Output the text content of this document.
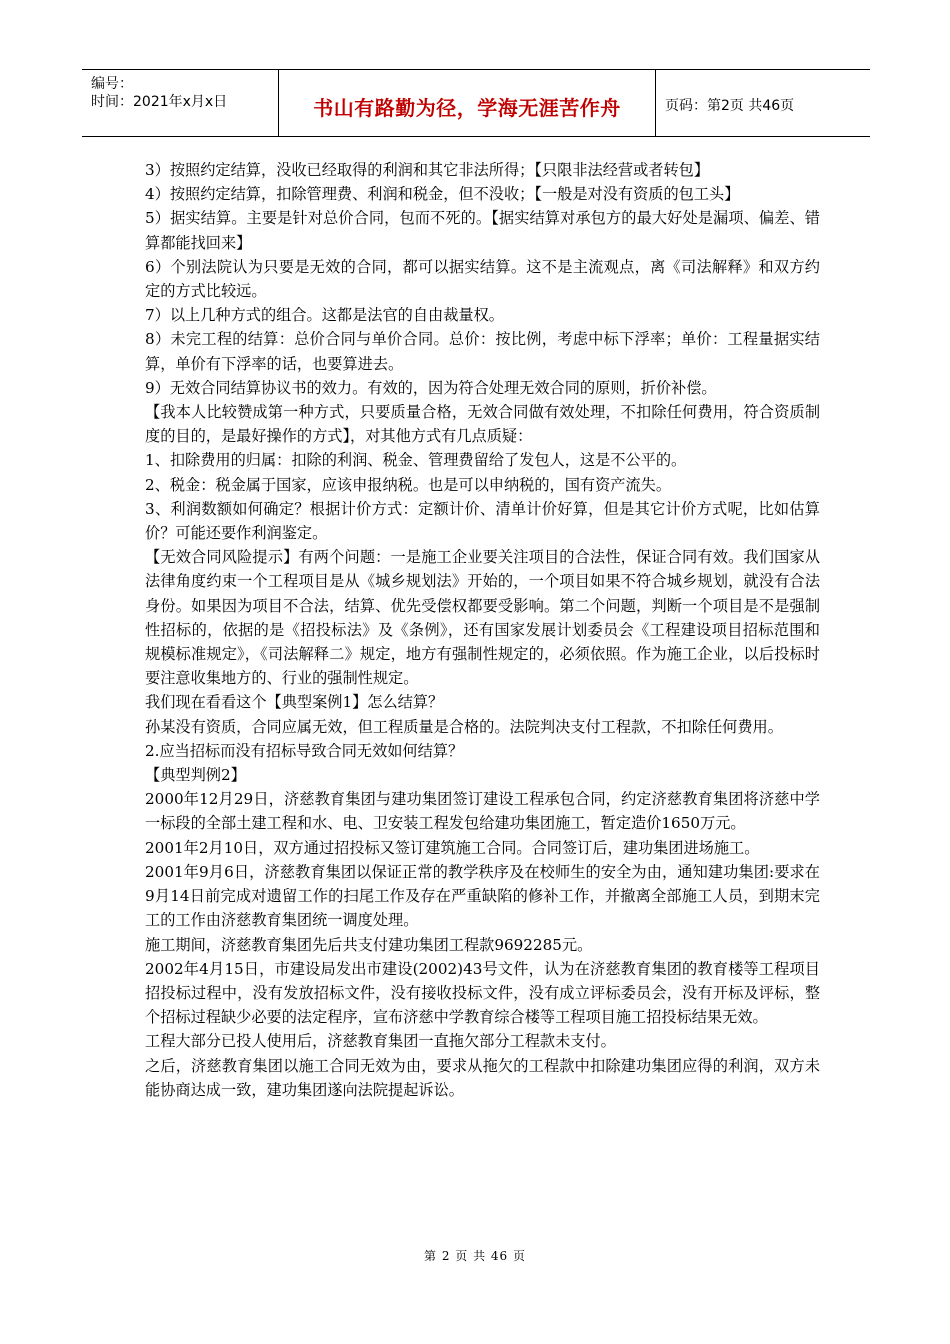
编号：
时间：2021年x月x日	书山有路勤为径，学海无涯苦作舟	页码：第2页 共46页

3）按照约定结算，没收已经取得的利润和其它非法所得；【只限非法经营或者转包】

4）按照约定结算，扣除管理费、利润和税金，但不没收；【一般是对没有资质的包工头】

5）据实结算。主要是针对总价合同，包而不死的。【据实结算对承包方的最大好处是漏项、偏差、错算都能找回来】

6）个别法院认为只要是无效的合同，都可以据实结算。这不是主流观点，离《司法解释》和双方约定的方式比较远。

7）以上几种方式的组合。这都是法官的自由裁量权。

8）未完工程的结算：总价合同与单价合同。总价：按比例，考虑中标下浮率；单价：工程量据实结算，单价有下浮率的话，也要算进去。

9）无效合同结算协议书的效力。有效的，因为符合处理无效合同的原则，折价补偿。

【我本人比较赞成第一种方式，只要质量合格，无效合同做有效处理，不扣除任何费用，符合资质制度的目的，是最好操作的方式】，对其他方式有几点质疑：

1、扣除费用的归属：扣除的利润、税金、管理费留给了发包人，这是不公平的。

2、税金：税金属于国家，应该申报纳税。也是可以申纳税的，国有资产流失。

3、利润数额如何确定？根据计价方式：定额计价、清单计价好算，但是其它计价方式呢，比如估算价？可能还要作利润鉴定。

【无效合同风险提示】有两个问题：一是施工企业要关注项目的合法性，保证合同有效。我们国家从法律角度约束一个工程项目是从《城乡规划法》开始的，一个项目如果不符合城乡规划，就没有合法身份。如果因为项目不合法，结算、优先受偿权都要受影响。第二个问题，判断一个项目是不是强制性招标的，依据的是《招投标法》及《条例》，还有国家发展计划委员会《工程建设项目招标范围和规模标准规定》，《司法解释二》规定，地方有强制性规定的，必须依照。作为施工企业，以后投标时要注意收集地方的、行业的强制性规定。

我们现在看看这个【典型案例1】怎么结算？

孙某没有资质，合同应属无效，但工程质量是合格的。法院判决支付工程款，不扣除任何费用。

2.应当招标而没有招标导致合同无效如何结算？

【典型判例2】

2000年12月29日，济慈教育集团与建功集团签订建设工程承包合同，约定济慈教育集团将济慈中学一标段的全部土建工程和水、电、卫安装工程发包给建功集团施工，暂定造价1650万元。

2001年2月10日，双方通过招投标又签订建筑施工合同。合同签订后，建功集团进场施工。

2001年9月6日，济慈教育集团以保证正常的教学秩序及在校师生的安全为由，通知建功集团:要求在9月14日前完成对遗留工作的扫尾工作及存在严重缺陷的修补工作，并撤离全部施工人员，到期末完工的工作由济慈教育集团统一调度处理。

施工期间，济慈教育集团先后共支付建功集团工程款9692285元。

2002年4月15日，市建设局发出市建设(2002)43号文件，认为在济慈教育集团的教育楼等工程项目招投标过程中，没有发放招标文件，没有接收投标文件，没有成立评标委员会，没有开标及评标，整个招标过程缺少必要的法定程序，宣布济慈中学教育综合楼等工程项目施工招投标结果无效。

工程大部分已投人使用后，济慈教育集团一直拖欠部分工程款未支付。

之后，济慈教育集团以施工合同无效为由，要求从拖欠的工程款中扣除建功集团应得的利润，双方未能协商达成一致，建功集团遂向法院提起诉讼。

第 2 页 共 46 页
